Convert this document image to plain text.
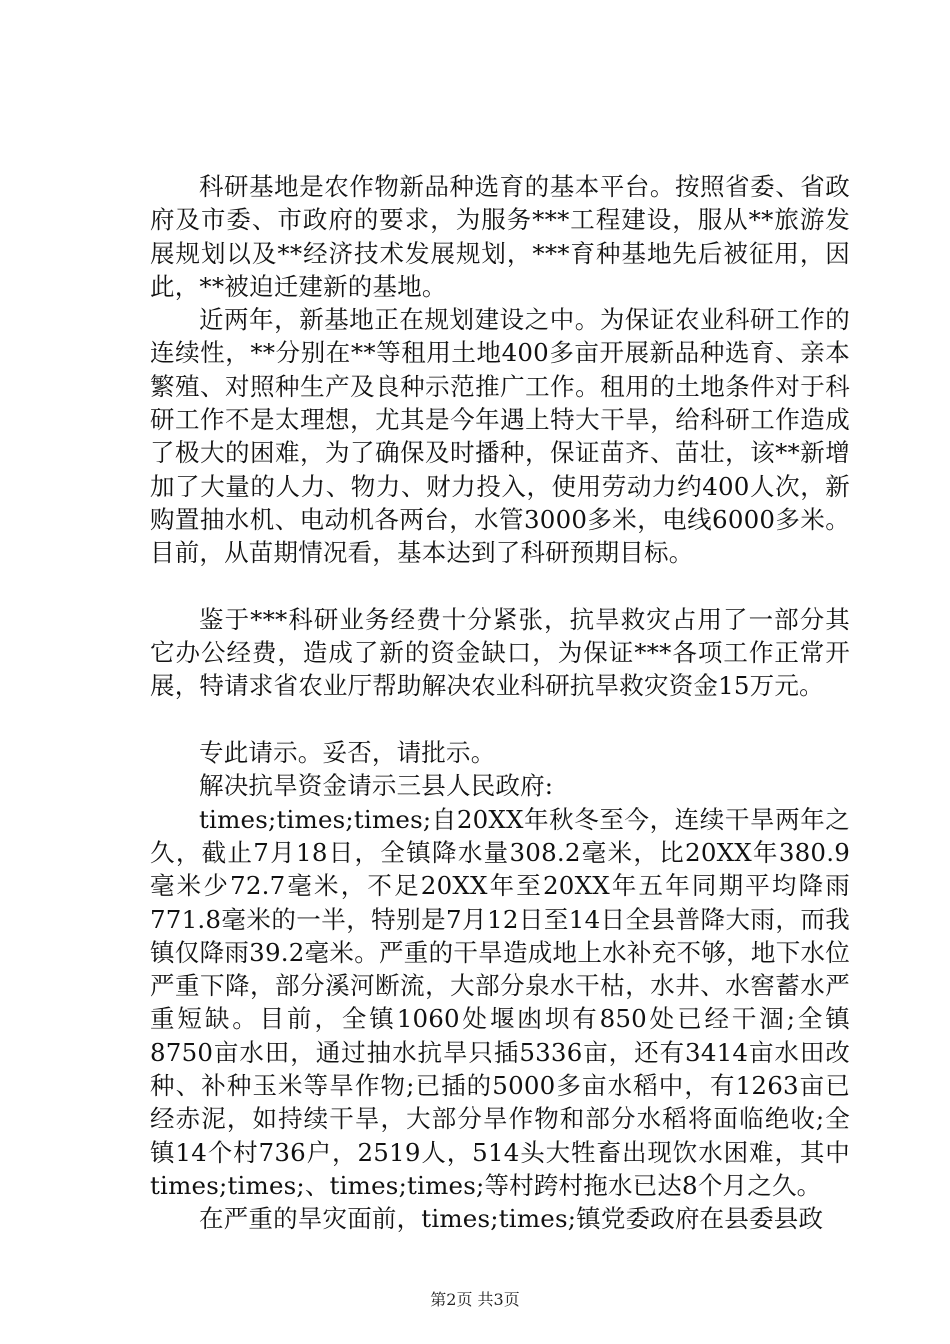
科研基地是农作物新品种选育的基本平台。按照省委、省政府及市委、市政府的要求，为服务***工程建设，服从**旅游发展规划以及**经济技术发展规划，***育种基地先后被征用，因此，**被迫迁建新的基地。

近两年，新基地正在规划建设之中。为保证农业科研工作的连续性，**分别在**等租用土地400多亩开展新品种选育、亲本繁殖、对照种生产及良种示范推广工作。租用的土地条件对于科研工作不是太理想，尤其是今年遇上特大干旱，给科研工作造成了极大的困难，为了确保及时播种，保证苗齐、苗壮，该**新增加了大量的人力、物力、财力投入，使用劳动力约400人次，新购置抽水机、电动机各两台，水管3000多米，电线6000多米。目前，从苗期情况看，基本达到了科研预期目标。

鉴于***科研业务经费十分紧张，抗旱救灾占用了一部分其它办公经费，造成了新的资金缺口，为保证***各项工作正常开展，特请求省农业厅帮助解决农业科研抗旱救灾资金15万元。

专此请示。妥否，请批示。

解决抗旱资金请示三县人民政府:

times;times;times;自20XX年秋冬至今，连续干旱两年之久，截止7月18日，全镇降水量308.2毫米，比20XX年380.9毫米少72.7毫米，不足20XX年至20XX年五年同期平均降雨771.8毫米的一半，特别是7月12日至14日全县普降大雨，而我镇仅降雨39.2毫米。严重的干旱造成地上水补充不够，地下水位严重下降，部分溪河断流，大部分泉水干枯，水井、水窖蓄水严重短缺。目前，全镇1060处堰凼坝有850处已经干涸;全镇8750亩水田，通过抽水抗旱只插5336亩，还有3414亩水田改种、补种玉米等旱作物;已插的5000多亩水稻中，有1263亩已经赤泥，如持续干旱，大部分旱作物和部分水稻将面临绝收;全镇14个村736户，2519人，514头大牲畜出现饮水困难，其中times;times;、times;times;等村跨村拖水已达8个月之久。

在严重的旱灾面前，times;times;镇党委政府在县委县政

第2页 共3页
